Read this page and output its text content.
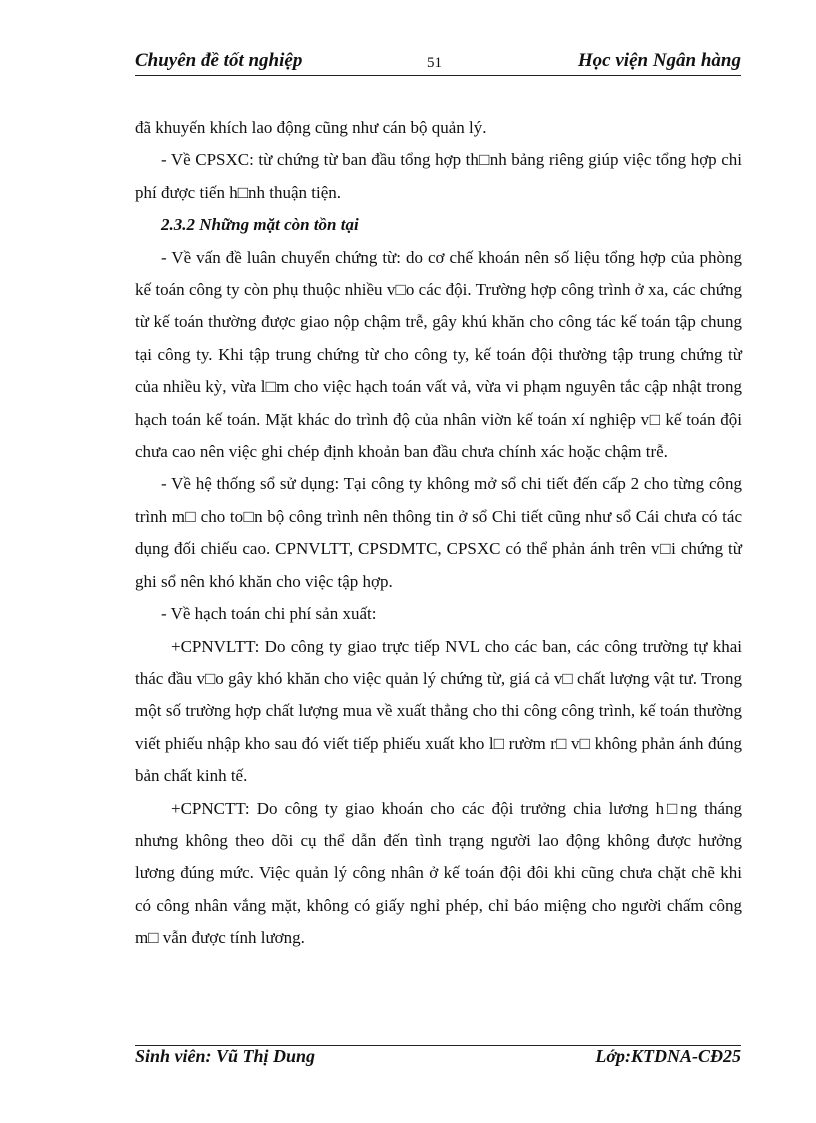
Chuyên đề tốt nghiệp	51	Học viện Ngân hàng

đã khuyến khích lao động cũng như cán bộ quản lý.

- Về CPSXC: từ chứng từ ban đầu tổng hợp th□nh bảng riêng giúp việc tổng hợp chi phí được tiến h□nh thuận tiện.

2.3.2 Những mặt còn tồn tại

- Về vấn đề luân chuyển chứng từ: do cơ chế khoán nên số liệu tổng hợp của phòng kế toán công ty còn phụ thuộc nhiều v□o các đội. Trường hợp công trình ở xa, các chứng từ kế toán thường được giao nộp chậm trễ, gây khú khăn cho công tác kế toán tập chung tại công ty. Khi tập trung chứng từ cho công ty, kế toán đội thường tập trung chứng từ của nhiều kỳ, vừa l□m cho việc hạch toán vất vả, vừa vi phạm nguyên tắc cập nhật trong hạch toán kế toán. Mặt khác do trình độ của nhân viờn kế toán xí nghiệp v□ kế toán đội chưa cao nên việc ghi chép định khoản ban đầu chưa chính xác hoặc chậm trễ.

- Về hệ thống sổ sử dụng: Tại công ty không mở sổ chi tiết đến cấp 2 cho từng công trình m□ cho to□n bộ công trình nên thông tin ở sổ Chi tiết cũng như sổ Cái chưa có tác dụng đối chiếu cao. CPNVLTT, CPSDMTC, CPSXC có thể phản ánh trên v□i chứng từ ghi sổ nên khó khăn cho việc tập hợp.

- Về hạch toán chi phí sản xuất:

+CPNVLTT: Do công ty giao trực tiếp NVL cho các ban, các công trường tự khai thác đầu v□o gây khó khăn cho việc quản lý chứng từ, giá cả v□ chất lượng vật tư. Trong một số trường hợp chất lượng mua về xuất thẳng cho thi công công trình, kế toán thường viết phiếu nhập kho sau đó viết tiếp phiếu xuất kho l□ rườm r□ v□ không phản ánh đúng bản chất kinh tế.

+CPNCTT: Do công ty giao khoán cho các đội trưởng chia lương h□ng tháng nhưng không theo dõi cụ thể dẫn đến tình trạng người lao động không được hưởng lương đúng mức. Việc quản lý công nhân ở kế toán đội đôi khi cũng chưa chặt chẽ khi có công nhân vắng mặt, không có giấy nghỉ phép, chỉ báo miệng cho người chấm công m□ vẫn được tính lương.

Sinh viên: Vũ Thị Dung	Lớp:KTDNA-CĐ25
